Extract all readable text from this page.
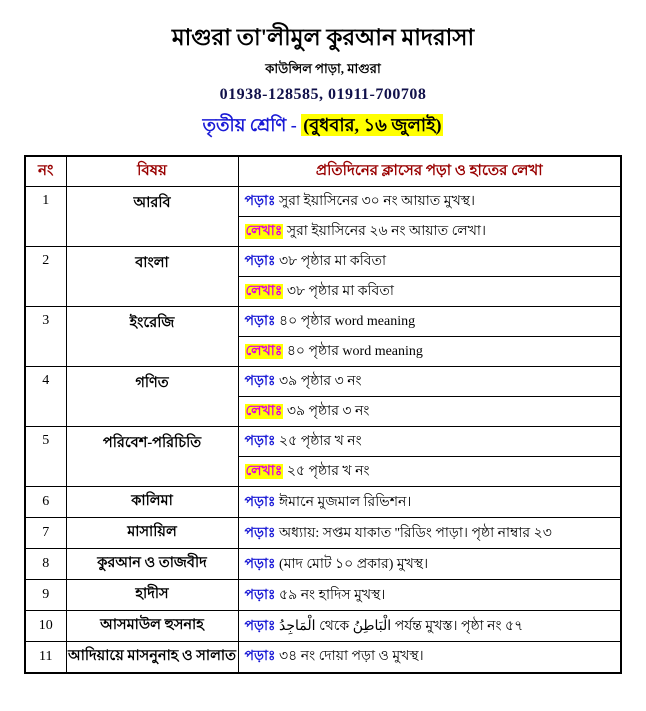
মাগুরা তা'লীমুল কুরআন মাদরাসা
কাউন্সিল পাড়া, মাগুরা
01938-128585, 01911-700708
তৃতীয় শ্রেণি - (বুধবার, ১৬ জুলাই)
নং	বিষয়	প্রতিদিনের ক্লাসের পড়া ও হাতের লেখা
1	আরবি	পড়াঃ সুরা ইয়াসিনের ৩০ নং আয়াত মুখস্থ।
		লেখাঃ সুরা ইয়াসিনের ২৬ নং আয়াত লেখা।
2	বাংলা	পড়াঃ ৩৮ পৃষ্ঠার মা কবিতা
		লেখাঃ ৩৮ পৃষ্ঠার মা কবিতা
3	ইংরেজি	পড়াঃ ৪০ পৃষ্ঠার word meaning
		লেখাঃ ৪০ পৃষ্ঠার word meaning
4	গণিত	পড়াঃ ৩৯ পৃষ্ঠার ৩ নং
		লেখাঃ ৩৯ পৃষ্ঠার ৩ নং
5	পরিবেশ-পরিচিতি	পড়াঃ ২৫ পৃষ্ঠার খ নং
		লেখাঃ ২৫ পৃষ্ঠার খ নং
6	কালিমা	পড়াঃ ঈমানে মুজমাল রিভিশন।
7	মাসায়িল	পড়াঃ অধ্যায়: সপ্তম যাকাত ''রিডিং পাড়া। পৃষ্ঠা নাম্বার ২৩
8	কুরআন ও তাজবীদ	পড়াঃ (মাদ মোট ১০ প্রকার) মুখস্থ।
9	হাদীস	পড়াঃ ৫৯ নং হাদিস মুখস্থ।
10	আসমাউল হুসনাহ	পড়াঃ الْمَاجِدُ থেকে الْبَاطِنُ পর্যন্ত মুখস্ত। পৃষ্ঠা নং ৫৭
11	আদিয়ায়ে মাসনুনাহ ও সালাত	পড়াঃ ৩৪ নং দোয়া পড়া ও মুখস্থ।
